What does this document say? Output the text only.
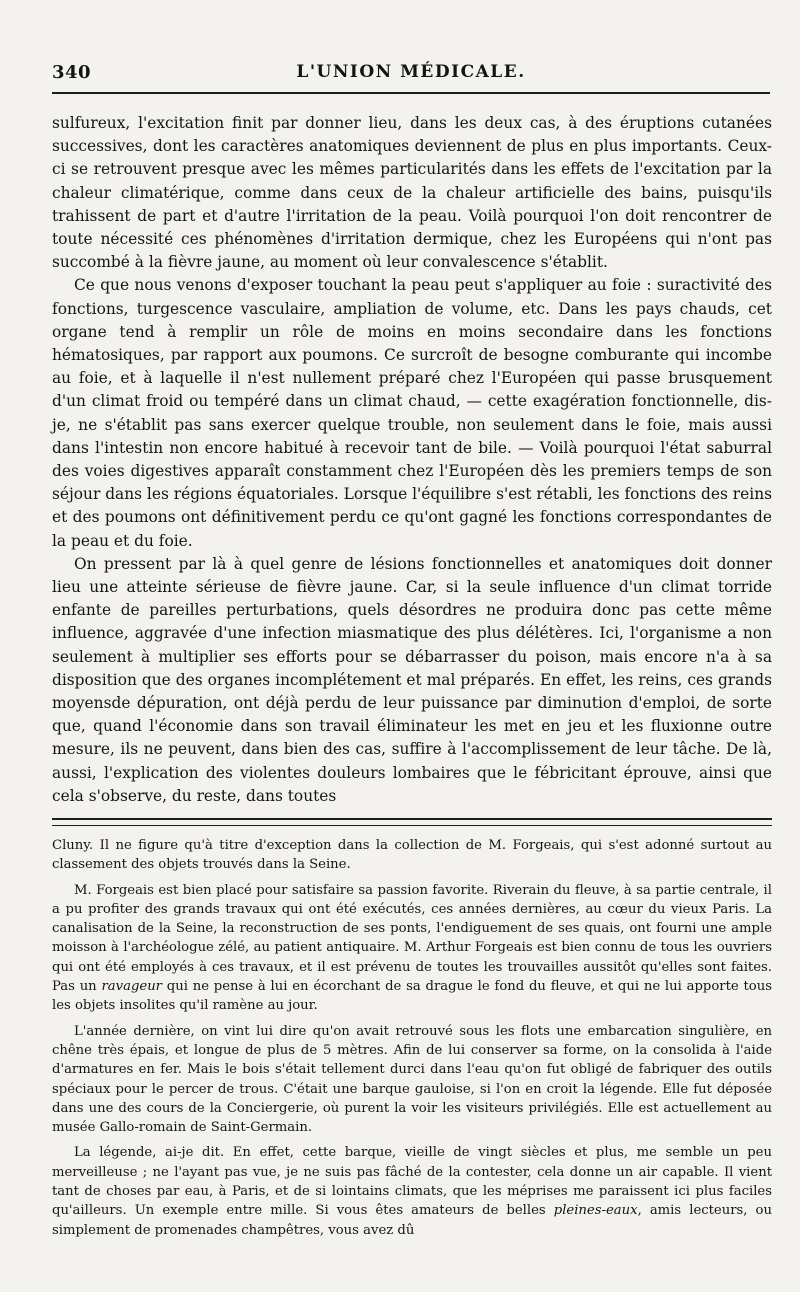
340	L'UNION MÉDICALE.

sulfureux, l'excitation finit par donner lieu, dans les deux cas, à des éruptions cutanées successives, dont les caractères anatomiques deviennent de plus en plus importants. Ceux-ci se retrouvent presque avec les mêmes particularités dans les effets de l'excitation par la chaleur climatérique, comme dans ceux de la chaleur artificielle des bains, puisqu'ils trahissent de part et d'autre l'irritation de la peau. Voilà pourquoi l'on doit rencontrer de toute nécessité ces phénomènes d'irritation dermique, chez les Européens qui n'ont pas succombé à la fièvre jaune, au moment où leur convalescence s'établit.

Ce que nous venons d'exposer touchant la peau peut s'appliquer au foie : suractivité des fonctions, turgescence vasculaire, ampliation de volume, etc. Dans les pays chauds, cet organe tend à remplir un rôle de moins en moins secondaire dans les fonctions hématosiques, par rapport aux poumons. Ce surcroît de besogne comburante qui incombe au foie, et à laquelle il n'est nullement préparé chez l'Européen qui passe brusquement d'un climat froid ou tempéré dans un climat chaud, — cette exagération fonctionnelle, dis-je, ne s'établit pas sans exercer quelque trouble, non seulement dans le foie, mais aussi dans l'intestin non encore habitué à recevoir tant de bile. — Voilà pourquoi l'état saburral des voies digestives apparaît constamment chez l'Européen dès les premiers temps de son séjour dans les régions équatoriales. Lorsque l'équilibre s'est rétabli, les fonctions des reins et des poumons ont définitivement perdu ce qu'ont gagné les fonctions correspondantes de la peau et du foie.

On pressent par là à quel genre de lésions fonctionnelles et anatomiques doit donner lieu une atteinte sérieuse de fièvre jaune. Car, si la seule influence d'un climat torride enfante de pareilles perturbations, quels désordres ne produira donc pas cette même influence, aggravée d'une infection miasmatique des plus délétères. Ici, l'organisme a non seulement à multiplier ses efforts pour se débarrasser du poison, mais encore n'a à sa disposition que des organes incomplétement et mal préparés. En effet, les reins, ces grands moyensde dépuration, ont déjà perdu de leur puissance par diminution d'emploi, de sorte que, quand l'économie dans son travail éliminateur les met en jeu et les fluxionne outre mesure, ils ne peuvent, dans bien des cas, suffire à l'accomplissement de leur tâche. De là, aussi, l'explication des violentes douleurs lombaires que le fébricitant éprouve, ainsi que cela s'observe, du reste, dans toutes

Cluny. Il ne figure qu'à titre d'exception dans la collection de M. Forgeais, qui s'est adonné surtout au classement des objets trouvés dans la Seine.

M. Forgeais est bien placé pour satisfaire sa passion favorite. Riverain du fleuve, à sa partie centrale, il a pu profiter des grands travaux qui ont été exécutés, ces années dernières, au cœur du vieux Paris. La canalisation de la Seine, la reconstruction de ses ponts, l'endiguement de ses quais, ont fourni une ample moisson à l'archéologue zélé, au patient antiquaire. M. Arthur Forgeais est bien connu de tous les ouvriers qui ont été employés à ces travaux, et il est prévenu de toutes les trouvailles aussitôt qu'elles sont faites. Pas un ravageur qui ne pense à lui en écorchant de sa drague le fond du fleuve, et qui ne lui apporte tous les objets insolites qu'il ramène au jour.

L'année dernière, on vint lui dire qu'on avait retrouvé sous les flots une embarcation singulière, en chêne très épais, et longue de plus de 5 mètres. Afin de lui conserver sa forme, on la consolida à l'aide d'armatures en fer. Mais le bois s'était tellement durci dans l'eau qu'on fut obligé de fabriquer des outils spéciaux pour le percer de trous. C'était une barque gauloise, si l'on en croit la légende. Elle fut déposée dans une des cours de la Conciergerie, où purent la voir les visiteurs privilégiés. Elle est actuellement au musée Gallo-romain de Saint-Germain.

La légende, ai-je dit. En effet, cette barque, vieille de vingt siècles et plus, me semble un peu merveilleuse ; ne l'ayant pas vue, je ne suis pas fâché de la contester, cela donne un air capable. Il vient tant de choses par eau, à Paris, et de si lointains climats, que les méprises me paraissent ici plus faciles qu'ailleurs. Un exemple entre mille. Si vous êtes amateurs de belles pleines-eaux, amis lecteurs, ou simplement de promenades champêtres, vous avez dû
